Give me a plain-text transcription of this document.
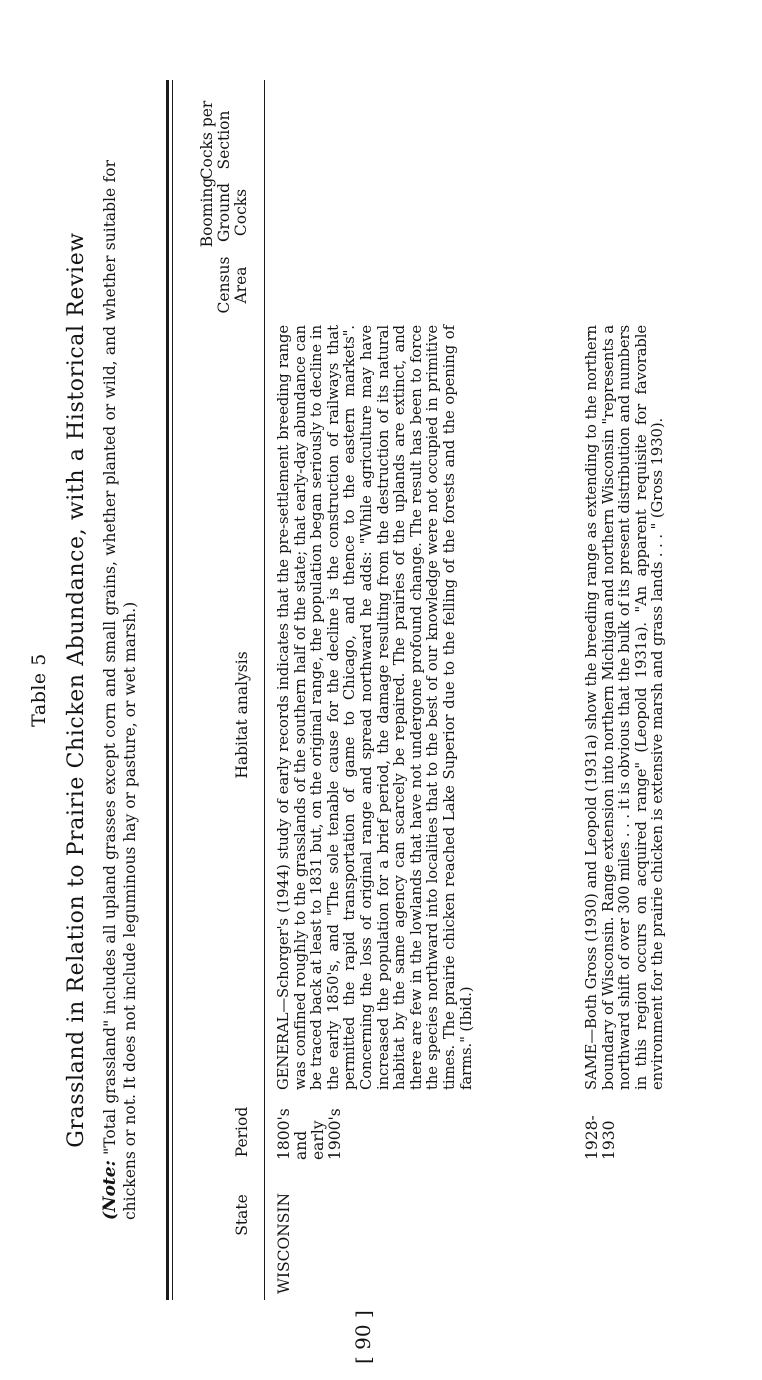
Table 5 Grassland in Relation to Prairie Chicken Abundance, with a Historical Review
(Note: "Total grassland" includes all upland grasses except corn and small grains, whether planted or wild, and whether suitable for chickens or not. It does not include leguminous hay or pasture, or wet marsh.)	State
Period
Habitat analysis
Census Area
Booming Ground Cocks
Cocks per Section
WISCONSIN
1800's and early 1900's
GENERAL—Schorger's (1944) study of early records indicates that the pre-settlement breeding range was confined roughly to the grasslands of the southern half of the state; that early-day abundance can be traced back at least to 1831 but, on the original range, the population began seriously to decline in the early 1850's, and "The sole tenable cause for the decline is the construction of railways that permitted the rapid transportation of game to Chicago, and thence to the eastern markets". Concerning the loss of original range and spread northward he adds: "While agriculture may have increased the population for a brief period, the damage resulting from the destruction of its natural habitat by the same agency can scarcely be repaired. The prairies of the uplands are extinct, and there are few in the lowlands that have not undergone profound change. The result has been to force the species northward into localities that to the best of our knowledge were not occupied in primitive times. The prairie chicken reached Lake Superior due to the felling of the forests and the opening of farms." (Ibid.)
1928-1930
SAME—Both Gross (1930) and Leopold (1931a) show the breeding range as extending to the northern boundary of Wisconsin. Range extension into northern Michigan and northern Wisconsin "represents a northward shift of over 300 miles . . . it is obvious that the bulk of its present distribution and numbers in this region occurs on acquired range" (Leopold 1931a). "An apparent requisite for favorable environment for the prairie chicken is extensive marsh and grass lands . . . " (Gross 1930).
[ 90 ]
